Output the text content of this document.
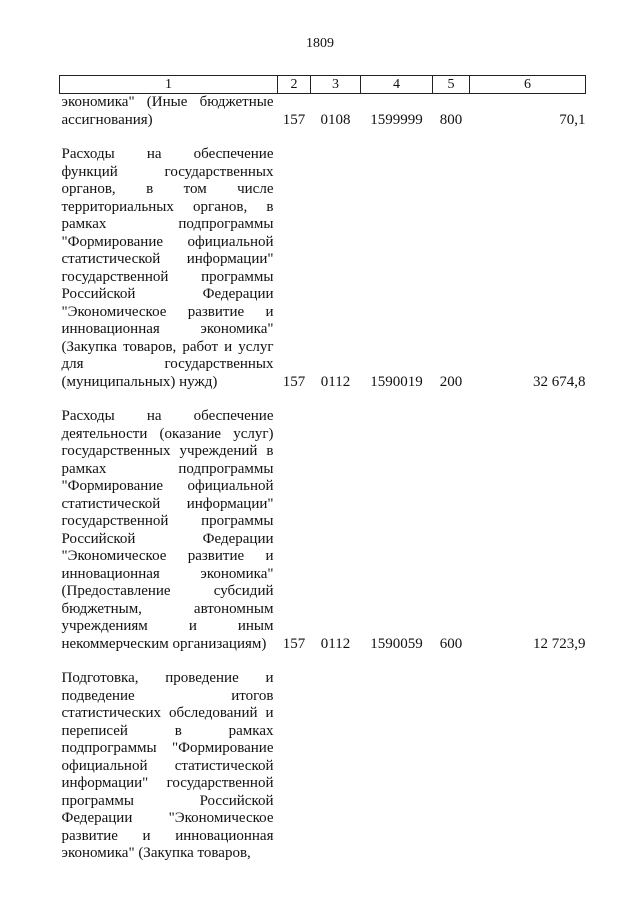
1809
1	2	3	4	5	6
экономика" (Иные бюджетные ассигнования)	157	0108	1599999	800	70,1
Расходы на обеспечение функций государственных органов, в том числе территориальных органов, в рамках подпрограммы "Формирование официальной статистической информации" государственной программы Российской Федерации "Экономическое развитие и инновационная экономика" (Закупка товаров, работ и услуг для государственных (муниципальных) нужд)	157	0112	1590019	200	32 674,8
Расходы на обеспечение деятельности (оказание услуг) государственных учреждений в рамках подпрограммы "Формирование официальной статистической информации" государственной программы Российской Федерации "Экономическое развитие и инновационная экономика" (Предоставление субсидий бюджетным, автономным учреждениям и иным некоммерческим организациям)	157	0112	1590059	600	12 723,9
Подготовка, проведение и подведение итогов статистических обследований и переписей в рамках подпрограммы "Формирование официальной статистической информации" государственной программы Российской Федерации "Экономическое развитие и инновационная экономика" (Закупка товаров,					
